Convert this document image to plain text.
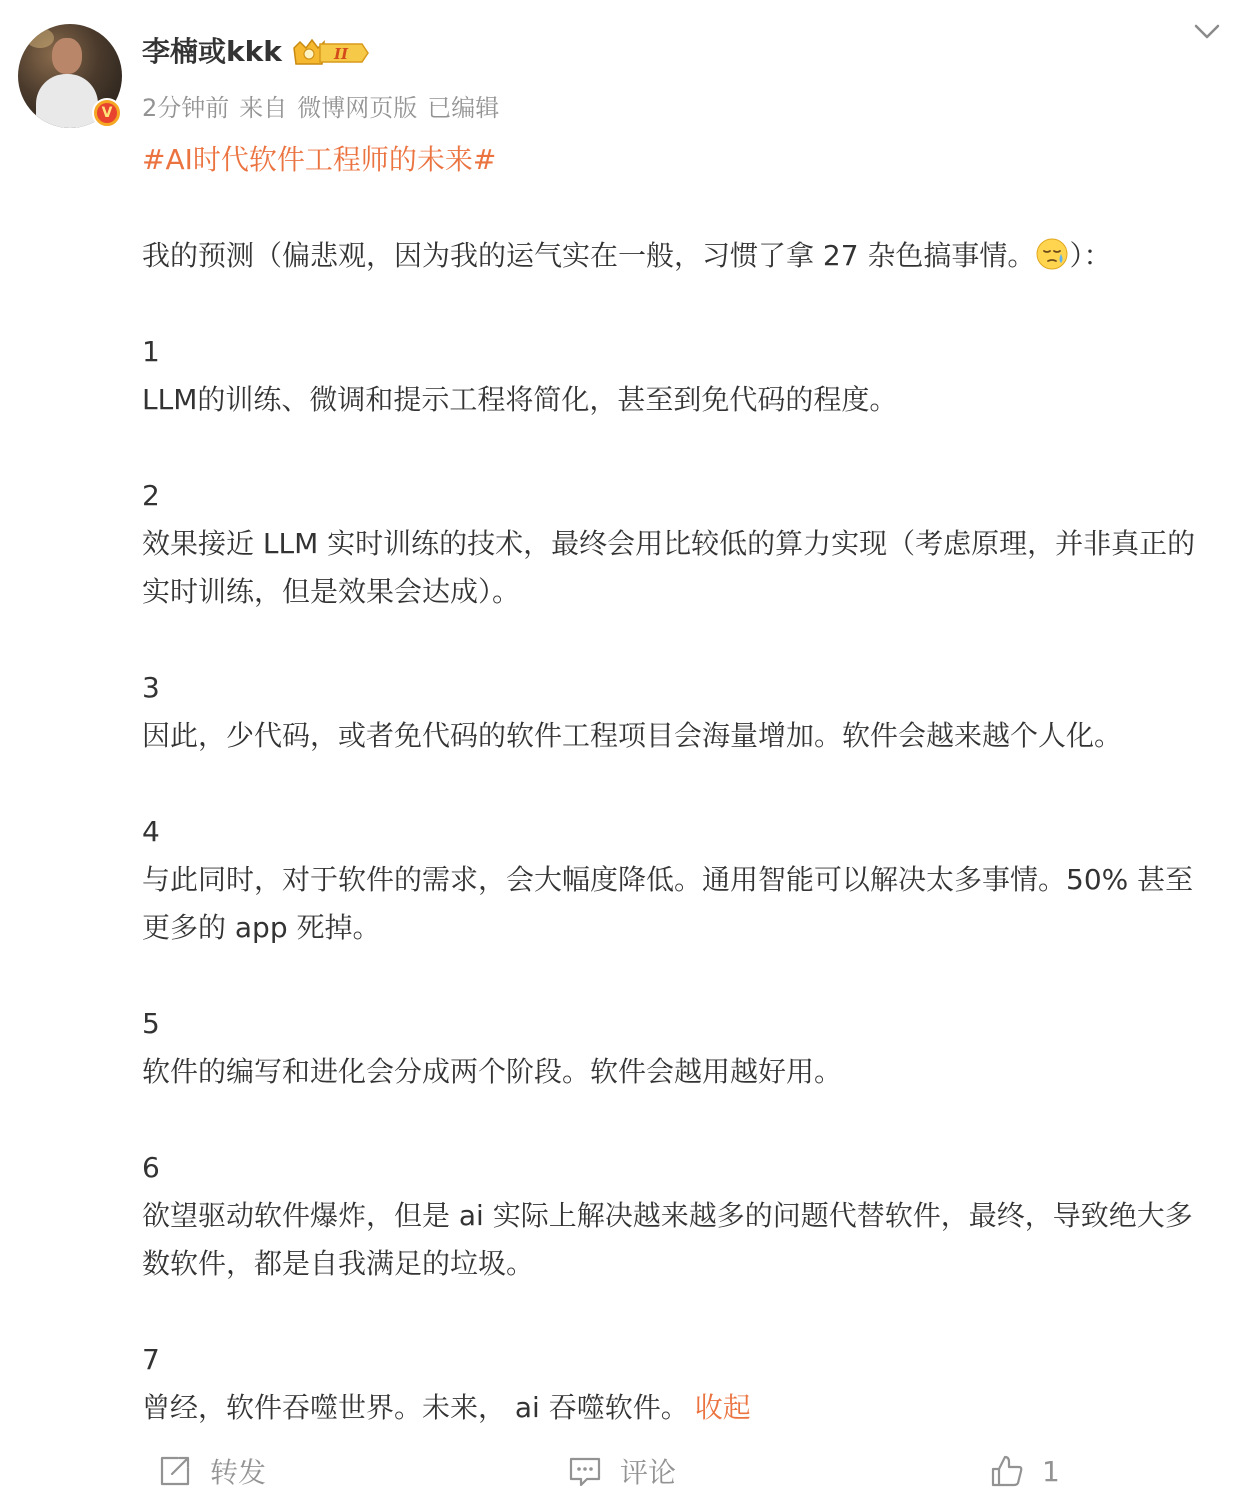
V
李楠或kkk	II
2分钟前 来自 微博网页版 已编辑

#AI时代软件工程师的未来#

我的预测（偏悲观，因为我的运气实在一般，习惯了拿 27 杂色搞事情。 ）：

1

LLM的训练、微调和提示工程将简化，甚至到免代码的程度。

2

效果接近 LLM 实时训练的技术，最终会用比较低的算力实现（考虑原理，并非真正的实时训练，但是效果会达成）。

3

因此，少代码，或者免代码的软件工程项目会海量增加。软件会越来越个人化。

4

与此同时，对于软件的需求，会大幅度降低。通用智能可以解决太多事情。50% 甚至更多的 app 死掉。

5

软件的编写和进化会分成两个阶段。软件会越用越好用。

6

欲望驱动软件爆炸，但是 ai 实际上解决越来越多的问题代替软件，最终，导致绝大多数软件，都是自我满足的垃圾。

7

曾经，软件吞噬世界。未来， ai 吞噬软件。 收起

转发	评论	1
